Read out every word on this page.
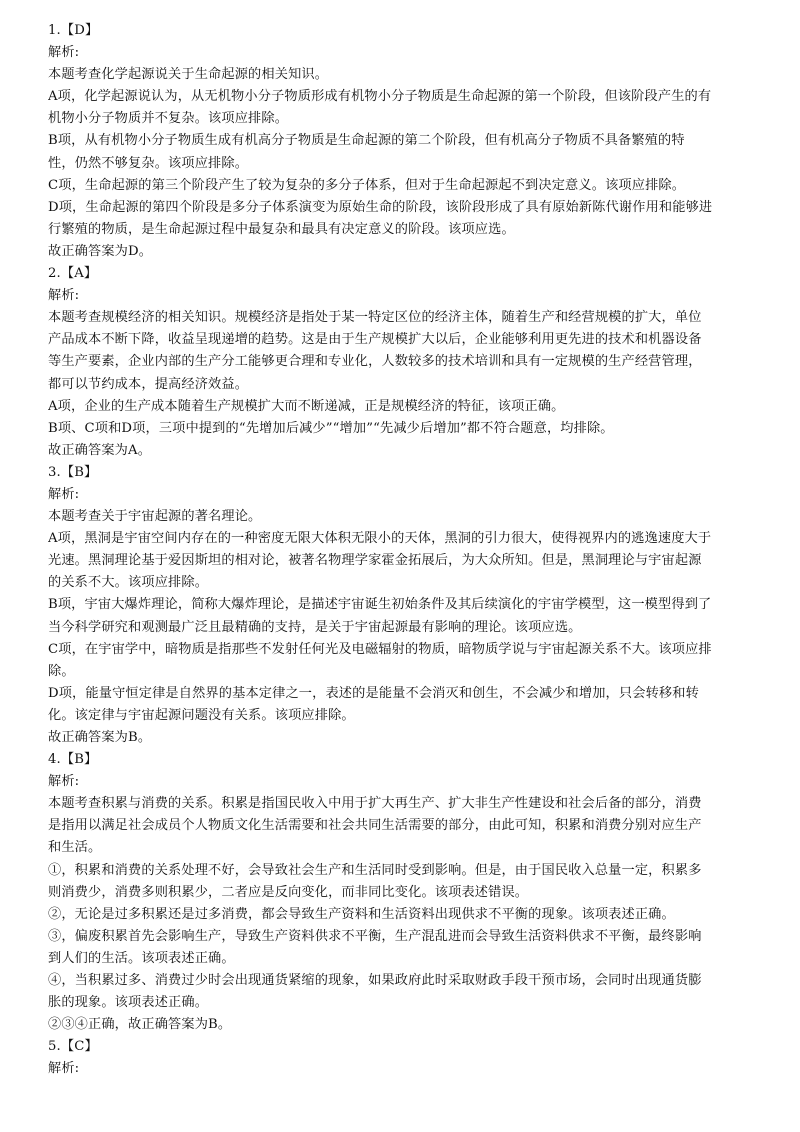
1.【D】
解析:
本题考查化学起源说关于生命起源的相关知识。
A项，化学起源说认为，从无机物小分子物质形成有机物小分子物质是生命起源的第一个阶段，但该阶段产生的有
机物小分子物质并不复杂。该项应排除。
B项，从有机物小分子物质生成有机高分子物质是生命起源的第二个阶段，但有机高分子物质不具备繁殖的特
性，仍然不够复杂。该项应排除。
C项，生命起源的第三个阶段产生了较为复杂的多分子体系，但对于生命起源起不到决定意义。该项应排除。
D项，生命起源的第四个阶段是多分子体系演变为原始生命的阶段，该阶段形成了具有原始新陈代谢作用和能够进
行繁殖的物质，是生命起源过程中最复杂和最具有决定意义的阶段。该项应选。
故正确答案为D。
2.【A】
解析:
本题考查规模经济的相关知识。规模经济是指处于某一特定区位的经济主体，随着生产和经营规模的扩大，单位
产品成本不断下降，收益呈现递增的趋势。这是由于生产规模扩大以后，企业能够利用更先进的技术和机器设备
等生产要素，企业内部的生产分工能够更合理和专业化，人数较多的技术培训和具有一定规模的生产经营管理，
都可以节约成本，提高经济效益。
A项，企业的生产成本随着生产规模扩大而不断递减，正是规模经济的特征，该项正确。
B项、C项和D项，三项中提到的“先增加后减少”“增加”“先减少后增加”都不符合题意，均排除。
故正确答案为A。
3.【B】
解析:
本题考查关于宇宙起源的著名理论。
A项，黑洞是宇宙空间内存在的一种密度无限大体积无限小的天体，黑洞的引力很大，使得视界内的逃逸速度大于
光速。黑洞理论基于爱因斯坦的相对论，被著名物理学家霍金拓展后，为大众所知。但是，黑洞理论与宇宙起源
的关系不大。该项应排除。
B项，宇宙大爆炸理论，简称大爆炸理论，是描述宇宙诞生初始条件及其后续演化的宇宙学模型，这一模型得到了
当今科学研究和观测最广泛且最精确的支持，是关于宇宙起源最有影响的理论。该项应选。
C项，在宇宙学中，暗物质是指那些不发射任何光及电磁辐射的物质，暗物质学说与宇宙起源关系不大。该项应排
除。
D项，能量守恒定律是自然界的基本定律之一，表述的是能量不会消灭和创生，不会减少和增加，只会转移和转
化。该定律与宇宙起源问题没有关系。该项应排除。
故正确答案为B。
4.【B】
解析:
本题考查积累与消费的关系。积累是指国民收入中用于扩大再生产、扩大非生产性建设和社会后备的部分，消费
是指用以满足社会成员个人物质文化生活需要和社会共同生活需要的部分，由此可知，积累和消费分别对应生产
和生活。
①，积累和消费的关系处理不好，会导致社会生产和生活同时受到影响。但是，由于国民收入总量一定，积累多
则消费少，消费多则积累少，二者应是反向变化，而非同比变化。该项表述错误。
②，无论是过多积累还是过多消费，都会导致生产资料和生活资料出现供求不平衡的现象。该项表述正确。
③，偏废积累首先会影响生产，导致生产资料供求不平衡，生产混乱进而会导致生活资料供求不平衡，最终影响
到人们的生活。该项表述正确。
④，当积累过多、消费过少时会出现通货紧缩的现象，如果政府此时采取财政手段干预市场，会同时出现通货膨
胀的现象。该项表述正确。
②③④正确，故正确答案为B。
5.【C】
解析:
